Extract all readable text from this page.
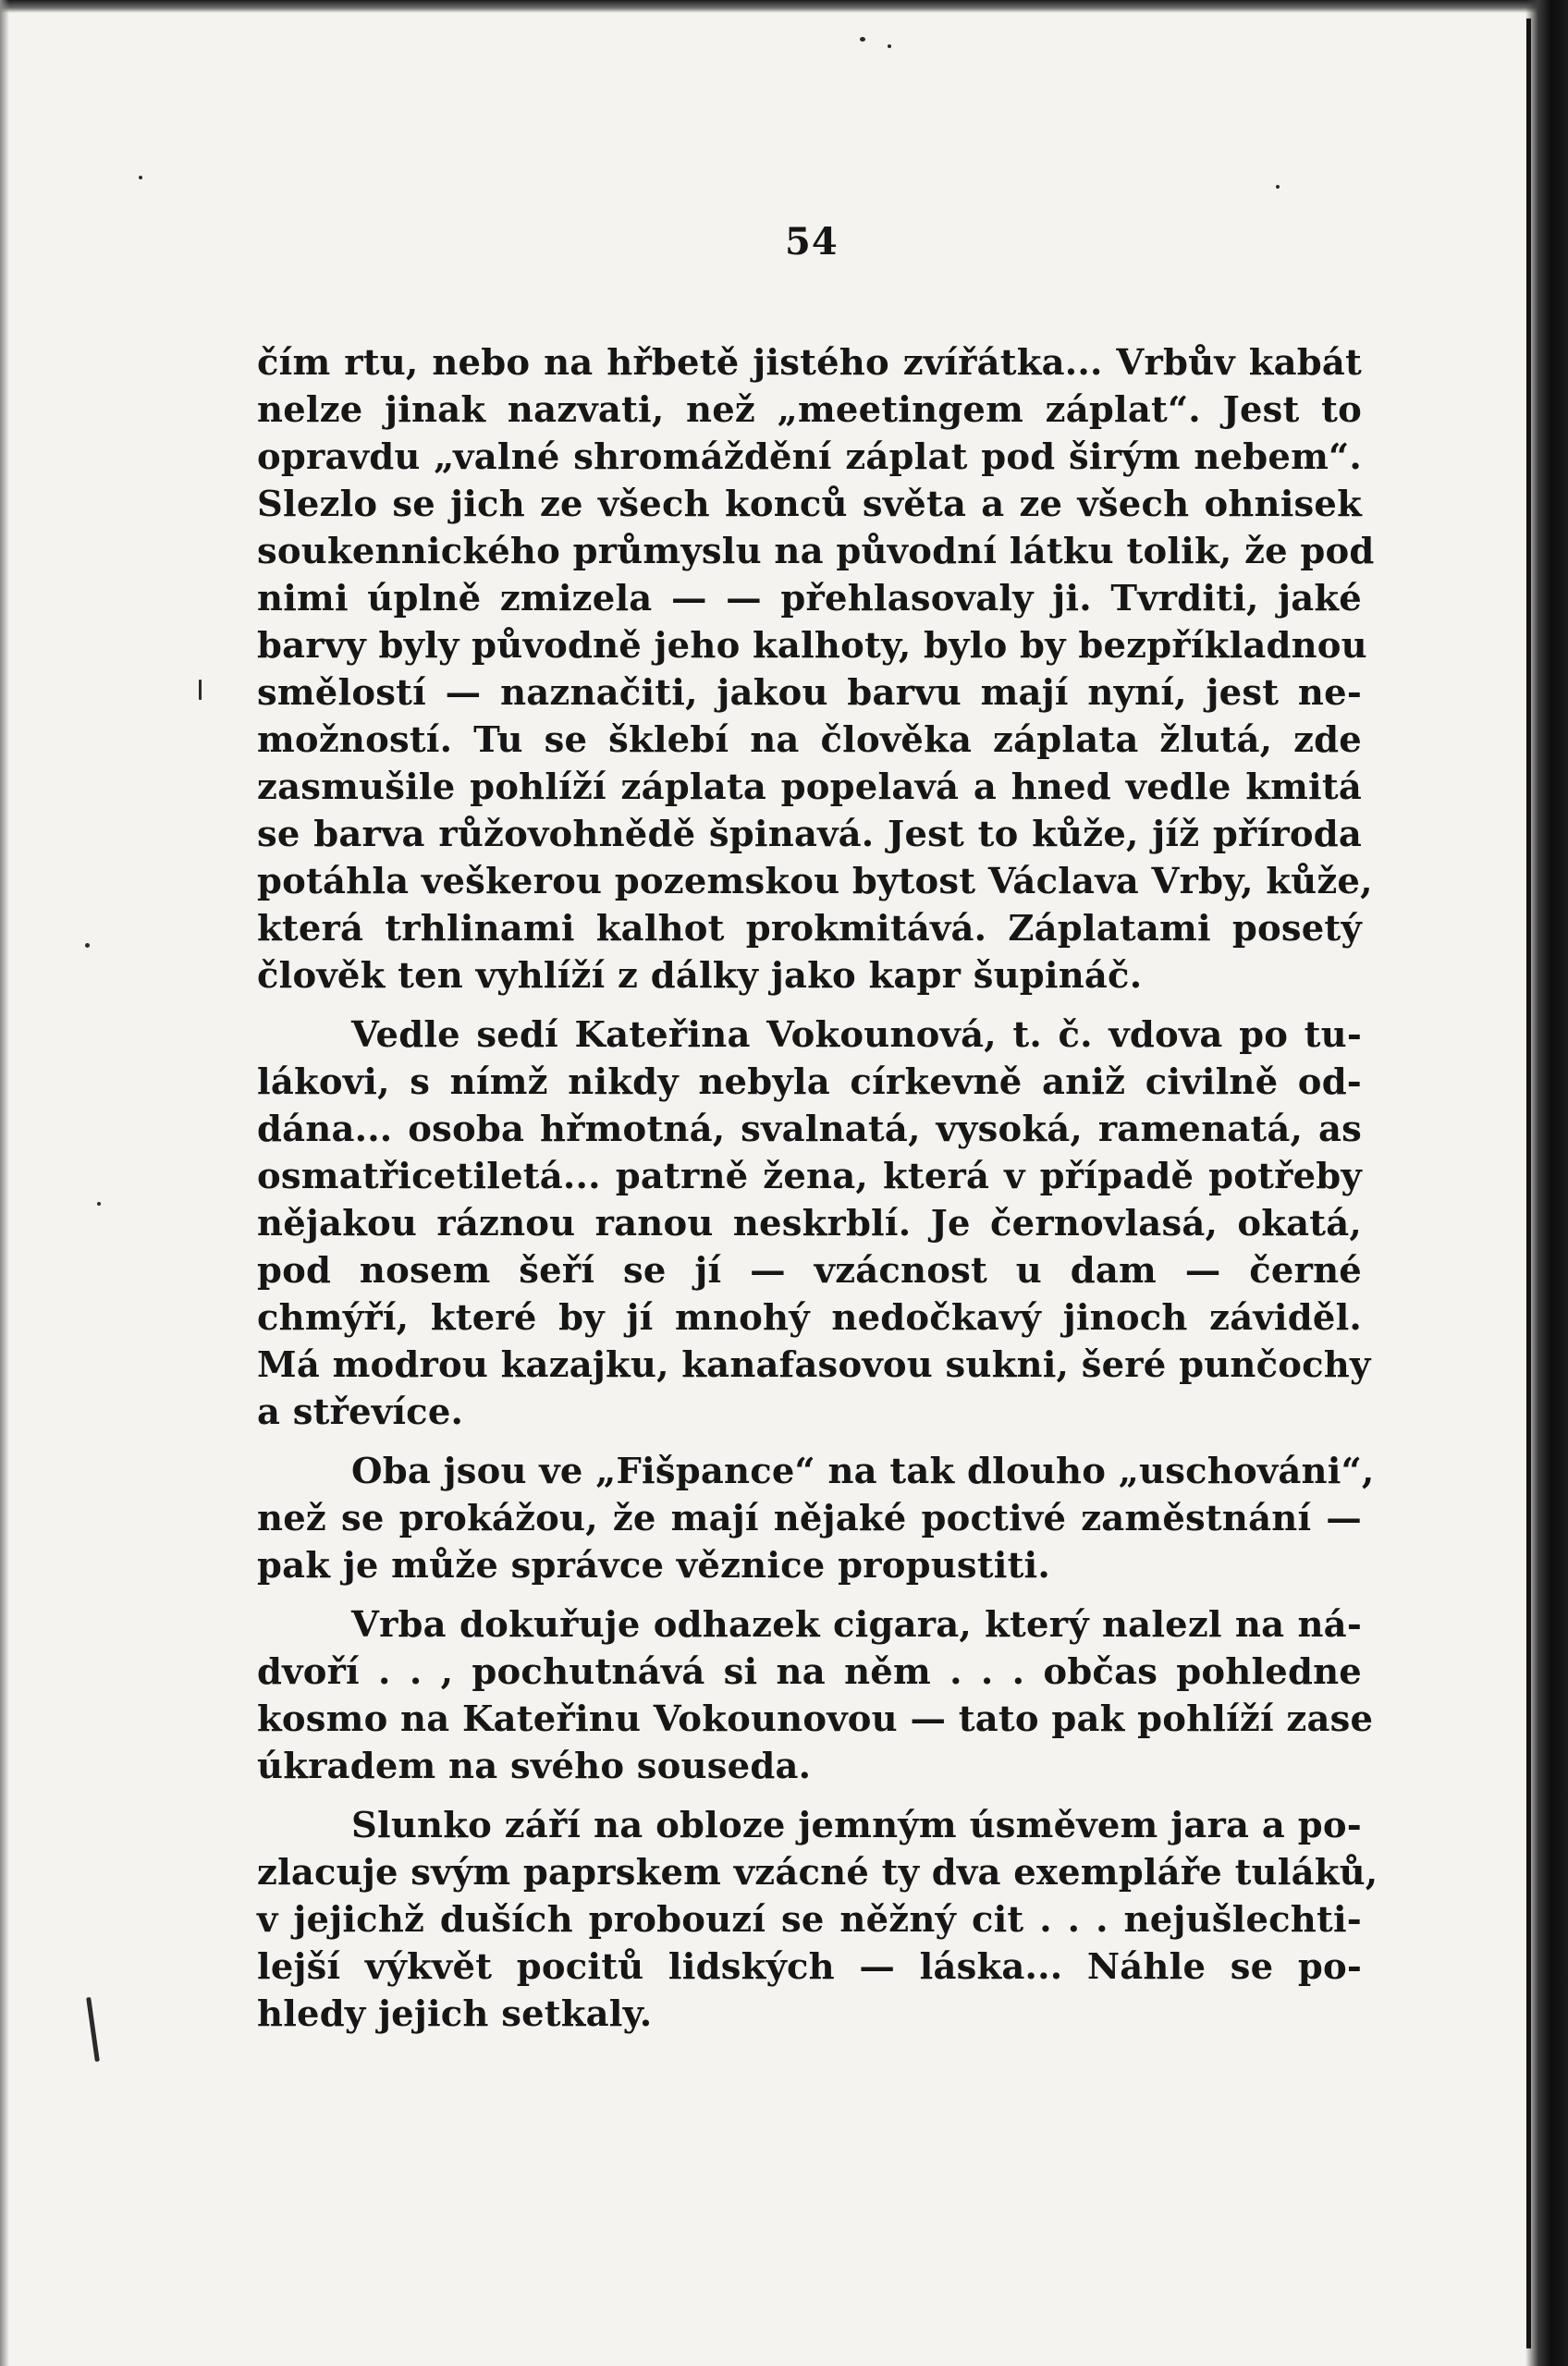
54
čím rtu, nebo na hřbetě jistého zvířátka... Vrbův kabát
nelze jinak nazvati, než „meetingem záplat“. Jest to
opravdu „valné shromáždění záplat pod širým nebem“.
Slezlo se jich ze všech konců světa a ze všech ohnisek
soukennického průmyslu na původní látku tolik, že pod
nimi úplně zmizela — — přehlasovaly ji. Tvrditi, jaké
barvy byly původně jeho kalhoty, bylo by bezpříkladnou
smělostí — naznačiti, jakou barvu mají nyní, jest ne-
možností. Tu se šklebí na člověka záplata žlutá, zde
zasmušile pohlíží záplata popelavá a hned vedle kmitá
se barva růžovohnědě špinavá. Jest to kůže, jíž příroda
potáhla veškerou pozemskou bytost Václava Vrby, kůže,
která trhlinami kalhot prokmitává. Záplatami posetý
člověk ten vyhlíží z dálky jako kapr šupináč.
Vedle sedí Kateřina Vokounová, t. č. vdova po tu-
lákovi, s nímž nikdy nebyla církevně aniž civilně od-
dána... osoba hřmotná, svalnatá, vysoká, ramenatá, as
osmatřicetiletá... patrně žena, která v případě potřeby
nějakou ráznou ranou neskrblí. Je černovlasá, okatá,
pod nosem šeří se jí — vzácnost u dam — černé
chmýří, které by jí mnohý nedočkavý jinoch záviděl.
Má modrou kazajku, kanafasovou sukni, šeré punčochy
a střevíce.
Oba jsou ve „Fišpance“ na tak dlouho „uschováni“,
než se prokážou, že mají nějaké poctivé zaměstnání —
pak je může správce věznice propustiti.
Vrba dokuřuje odhazek cigara, který nalezl na ná-
dvoří . . , pochutnává si na něm . . . občas pohledne
kosmo na Kateřinu Vokounovou — tato pak pohlíží zase
úkradem na svého souseda.
Slunko září na obloze jemným úsměvem jara a po-
zlacuje svým paprskem vzácné ty dva exempláře tuláků,
v jejichž duších probouzí se něžný cit . . . nejušlechti-
lejší výkvět pocitů lidských — láska... Náhle se po-
hledy jejich setkaly.
